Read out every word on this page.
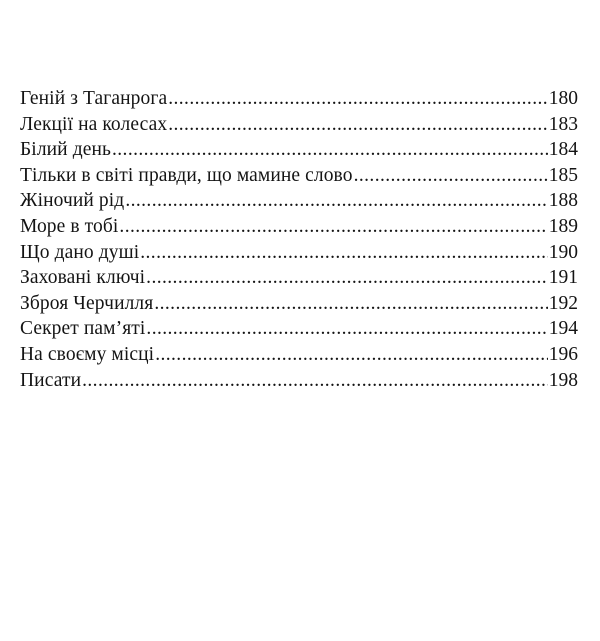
Геній з Таганрога .....	180
Лекції на колесах .....	183
Білий день .....	184
Тільки в світі правди, що мамине слово .....	185
Жіночий рід .....	188
Море в тобі .....	189
Що дано душі .....	190
Заховані ключі .....	191
Зброя Черчилля .....	192
Секрет пам’яті .....	194
На своєму місці .....	196
Писати .....	198
